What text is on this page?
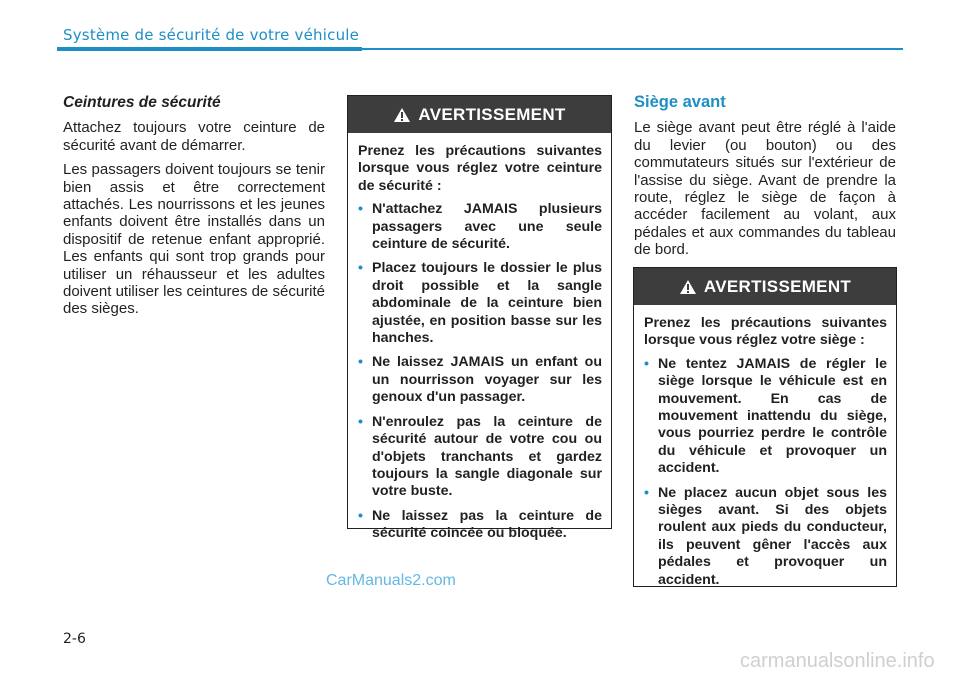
Système de sécurité de votre véhicule
Ceintures de sécurité

Attachez toujours votre ceinture de sécurité avant de démarrer.

Les passagers doivent toujours se tenir bien assis et être correctement attachés. Les nourrissons et les jeunes enfants doivent être installés dans un dispositif de retenue enfant approprié. Les enfants qui sont trop grands pour utiliser un réhausseur et les adultes doivent utiliser les ceintures de sécurité des sièges.

AVERTISSEMENT

Prenez les précautions suivantes lorsque vous réglez votre ceinture de sécurité :

• N'attachez JAMAIS plusieurs passagers avec une seule ceinture de sécurité.
• Placez toujours le dossier le plus droit possible et la sangle abdominale de la ceinture bien ajustée, en position basse sur les hanches.
• Ne laissez JAMAIS un enfant ou un nourrisson voyager sur les genoux d'un passager.
• N'enroulez pas la ceinture de sécurité autour de votre cou ou d'objets tranchants et gardez toujours la sangle diagonale sur votre buste.
• Ne laissez pas la ceinture de sécurité coincée ou bloquée.
Siège avant

Le siège avant peut être réglé à l'aide du levier (ou bouton) ou des commutateurs situés sur l'extérieur de l'assise du siège. Avant de prendre la route, réglez le siège de façon à accéder facilement au volant, aux pédales et aux commandes du tableau de bord.

AVERTISSEMENT

Prenez les précautions suivantes lorsque vous réglez votre siège :

• Ne tentez JAMAIS de régler le siège lorsque le véhicule est en mouvement. En cas de mouvement inattendu du siège, vous pourriez perdre le contrôle du véhicule et provoquer un accident.
• Ne placez aucun objet sous les sièges avant. Si des objets roulent aux pieds du conducteur, ils peuvent gêner l'accès aux pédales et provoquer un accident.
CarManuals2.com
2-6
carmanualsonline.info
